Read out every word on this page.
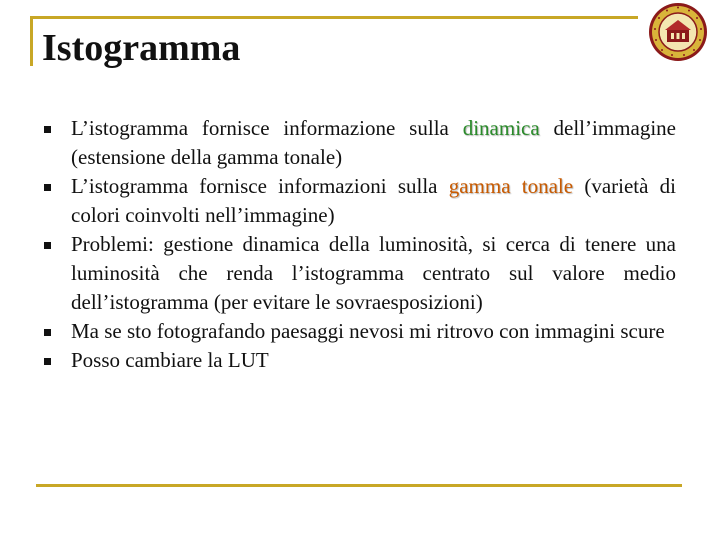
Istogramma
L’istogramma fornisce informazione sulla dinamica dell’immagine (estensione della gamma tonale)
L’istogramma fornisce informazioni sulla gamma tonale (varietà di colori coinvolti nell’immagine)
Problemi: gestione dinamica della luminosità, si cerca di tenere una luminosità che renda l’istogramma centrato sul valore medio dell’istogramma (per evitare le sovraesposizioni)
Ma se sto fotografando paesaggi nevosi mi ritrovo con immagini scure
Posso cambiare la LUT
